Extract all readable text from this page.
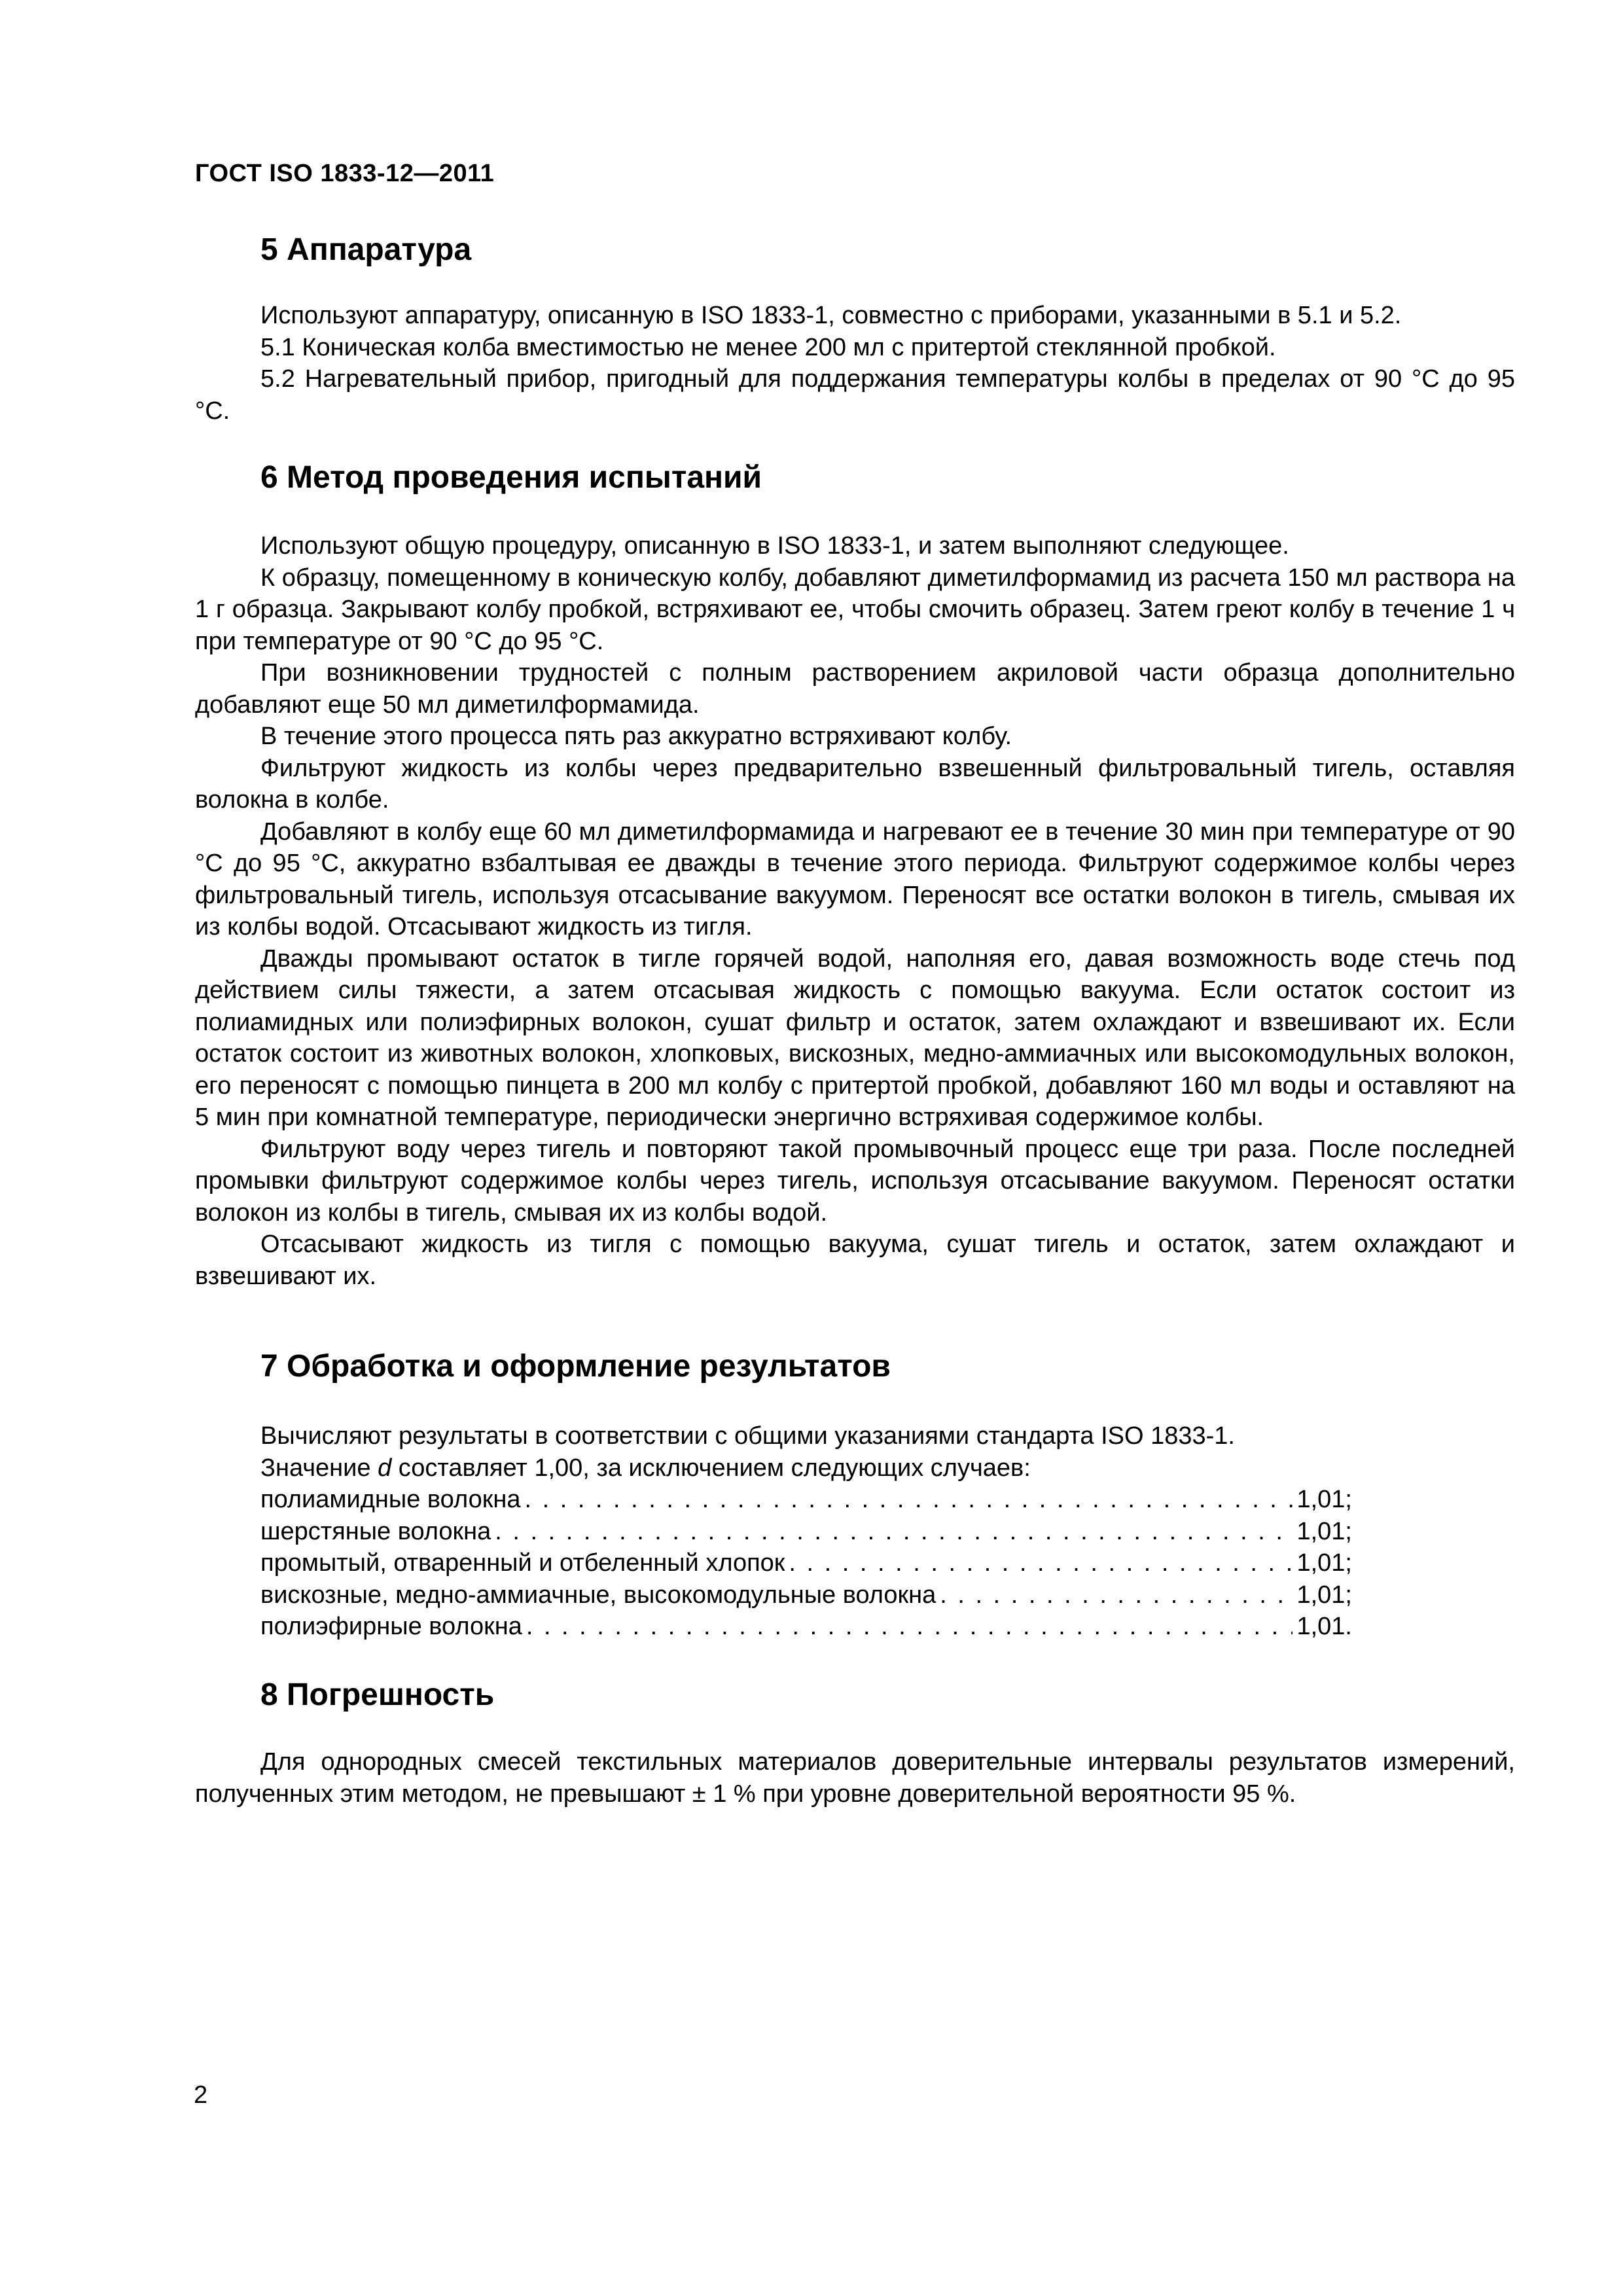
ГОСТ ISO 1833-12—2011
5 Аппаратура

Используют аппаратуру, описанную в ISO 1833-1, совместно с приборами, указанными в 5.1 и 5.2.

5.1 Коническая колба вместимостью не менее 200 мл с притертой стеклянной пробкой.

5.2 Нагревательный прибор, пригодный для поддержания температуры колбы в пределах от 90 °С до 95 °С.

6 Метод проведения испытаний

Используют общую процедуру, описанную в ISO 1833-1, и затем выполняют следующее.

К образцу, помещенному в коническую колбу, добавляют диметилформамид из расчета 150 мл раствора на 1 г образца. Закрывают колбу пробкой, встряхивают ее, чтобы смочить образец. Затем греют колбу в течение 1 ч при температуре от 90 °С до 95 °С.

При возникновении трудностей с полным растворением акриловой части образца дополнительно добавляют еще 50 мл диметилформамида.

В течение этого процесса пять раз аккуратно встряхивают колбу.

Фильтруют жидкость из колбы через предварительно взвешенный фильтровальный тигель, оставляя волокна в колбе.

Добавляют в колбу еще 60 мл диметилформамида и нагревают ее в течение 30 мин при температуре от 90 °С до 95 °С, аккуратно взбалтывая ее дважды в течение этого периода. Фильтруют содержимое колбы через фильтровальный тигель, используя отсасывание вакуумом. Переносят все остатки волокон в тигель, смывая их из колбы водой. Отсасывают жидкость из тигля.

Дважды промывают остаток в тигле горячей водой, наполняя его, давая возможность воде стечь под действием силы тяжести, а затем отсасывая жидкость с помощью вакуума. Если остаток состоит из полиамидных или полиэфирных волокон, сушат фильтр и остаток, затем охлаждают и взвешивают их. Если остаток состоит из животных волокон, хлопковых, вискозных, медно-аммиачных или высокомодульных волокон, его переносят с помощью пинцета в 200 мл колбу с притертой пробкой, добавляют 160 мл воды и оставляют на 5 мин при комнатной температуре, периодически энергично встряхивая содержимое колбы.

Фильтруют воду через тигель и повторяют такой промывочный процесс еще три раза. После последней промывки фильтруют содержимое колбы через тигель, используя отсасывание вакуумом. Переносят остатки волокон из колбы в тигель, смывая их из колбы водой.

Отсасывают жидкость из тигля с помощью вакуума, сушат тигель и остаток, затем охлаждают и взвешивают их.

7 Обработка и оформление результатов

Вычисляют результаты в соответствии с общими указаниями стандарта ISO 1833-1.

Значение d составляет 1,00, за исключением следующих случаев:

полиамидные волокна . . .	1,01;
шерстяные волокна . . .	1,01;
промытый, отваренный и отбеленный хлопок . . .	1,01;
вискозные, медно-аммиачные, высокомодульные волокна . . .	1,01;
полиэфирные волокна . . .	1,01.
8 Погрешность

Для однородных смесей текстильных материалов доверительные интервалы результатов измерений, полученных этим методом, не превышают ± 1 % при уровне доверительной вероятности 95 %.

2
